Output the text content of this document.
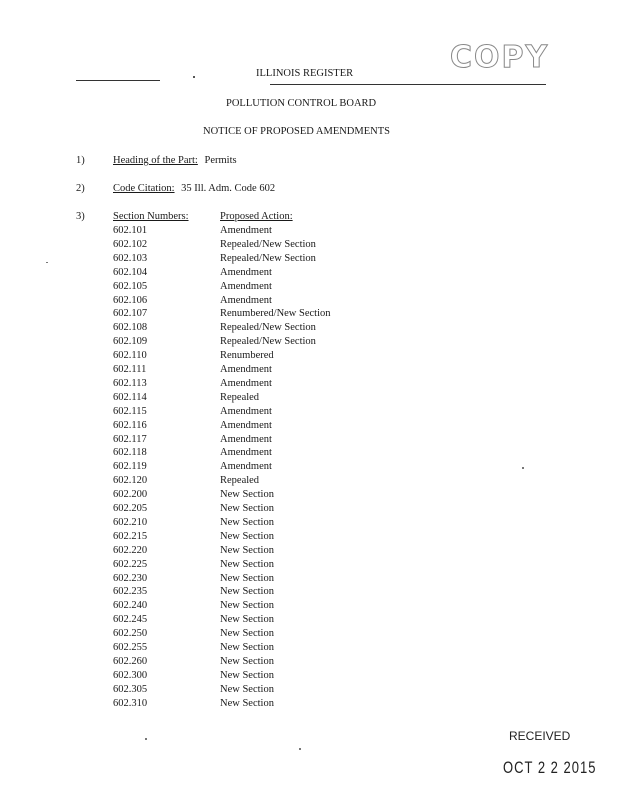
ILLINOIS REGISTER	COPY
POLLUTION CONTROL BOARD
NOTICE OF PROPOSED AMENDMENTS
1)	Heading of the Part: Permits
2)	Code Citation: 35 Ill. Adm. Code 602
3)	Section Numbers:	Proposed Action:
602.101	Amendment
602.102	Repealed/New Section
602.103	Repealed/New Section
602.104	Amendment
602.105	Amendment
602.106	Amendment
602.107	Renumbered/New Section
602.108	Repealed/New Section
602.109	Repealed/New Section
602.110	Renumbered
602.111	Amendment
602.113	Amendment
602.114	Repealed
602.115	Amendment
602.116	Amendment
602.117	Amendment
602.118	Amendment
602.119	Amendment
602.120	Repealed
602.200	New Section
602.205	New Section
602.210	New Section
602.215	New Section
602.220	New Section
602.225	New Section
602.230	New Section
602.235	New Section
602.240	New Section
602.245	New Section
602.250	New Section
602.255	New Section
602.260	New Section
602.300	New Section
602.305	New Section
602.310	New Section
RECEIVED
OCT 2 2 2015
